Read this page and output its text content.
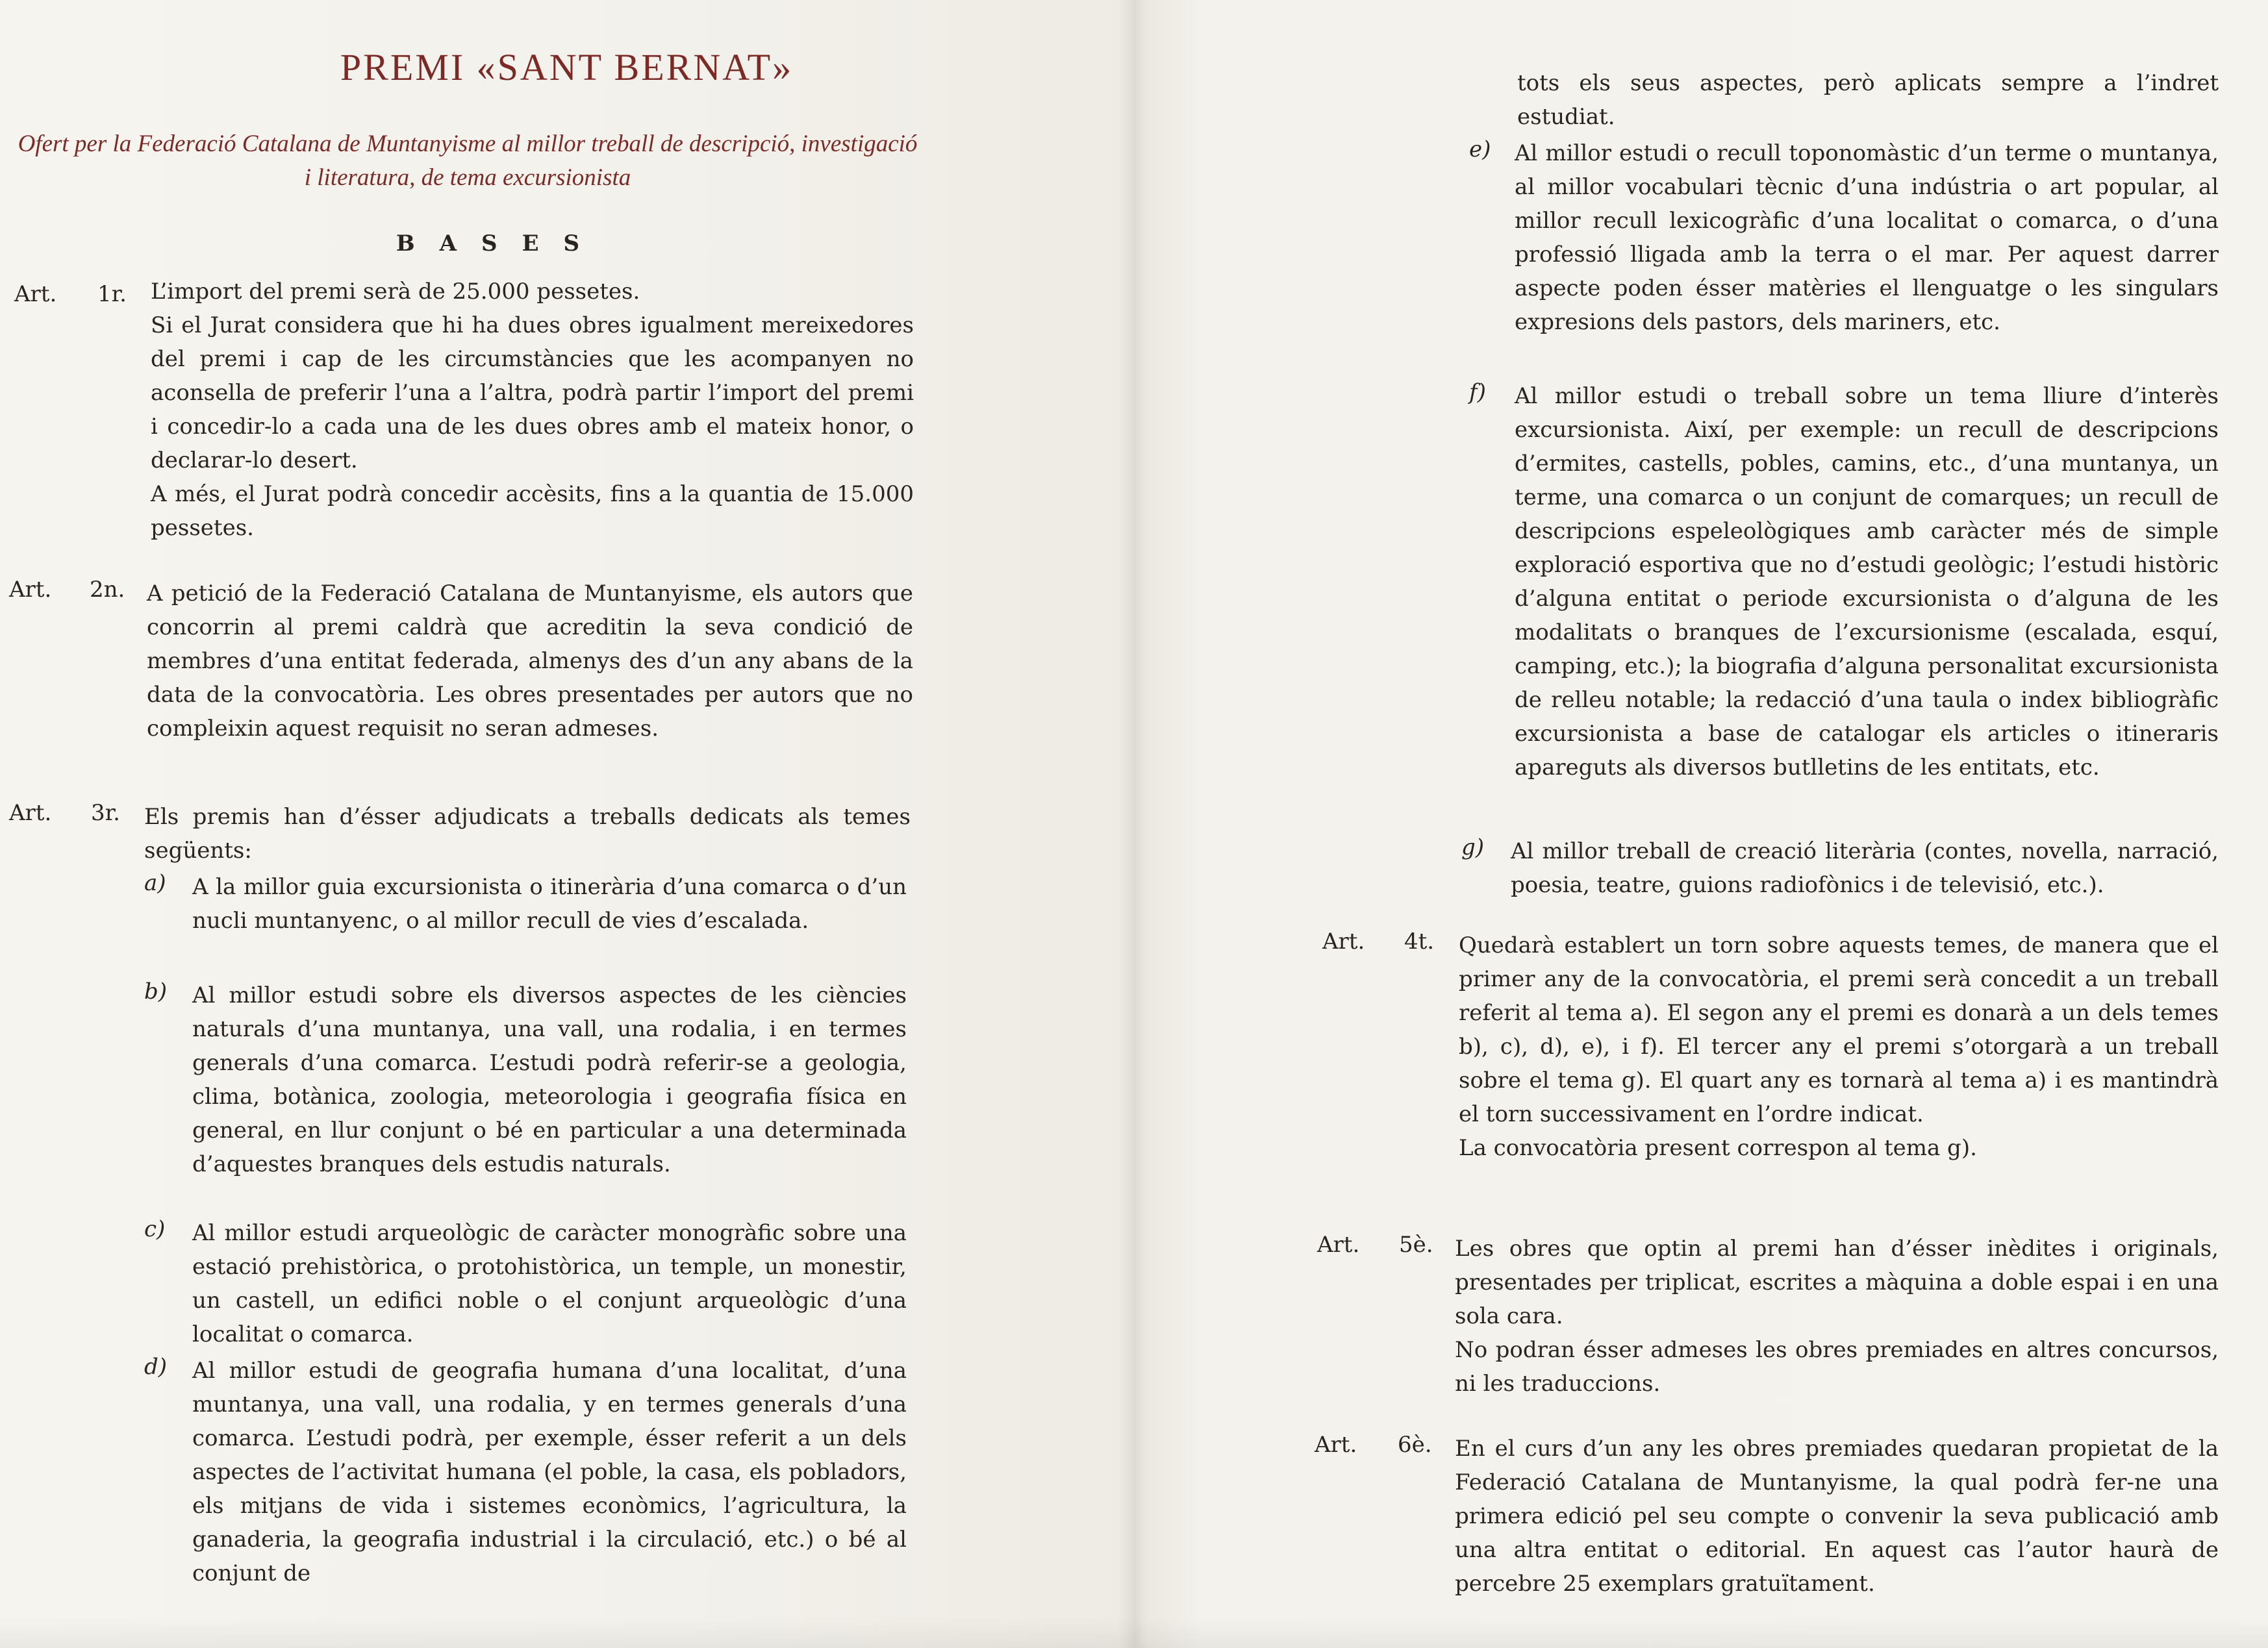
PREMI «SANT BERNAT»
Ofert per la Federació Catalana de Muntanyisme al millor treball de descripció, investigació i literatura, de tema excursionista
BASES
Art. 1r. L’import del premi serà de 25.000 pessetes.

Si el Jurat considera que hi ha dues obres igualment mereixedores del premi i cap de les circumstàncies que les acompanyen no aconsella de preferir l’una a l’altra, podrà partir l’import del premi i concedir-lo a cada una de les dues obres amb el mateix honor, o declarar-lo desert.

A més, el Jurat podrà concedir accèsits, fins a la quantia de 15.000 pessetes.

Art. 2n. A petició de la Federació Catalana de Muntanyisme, els autors que concorrin al premi caldrà que acreditin la seva condició de membres d’una entitat federada, almenys des d’un any abans de la data de la convocatòria. Les obres presentades per autors que no compleixin aquest requisit no seran admeses.

Art. 3r. Els premis han d’ésser adjudicats a treballs dedicats als temes següents:
a) A la millor guia excursionista o itinerària d’una comarca o d’un nucli muntanyenc, o al millor recull de vies d’escalada.
b) Al millor estudi sobre els diversos aspectes de les ciències naturals d’una muntanya, una vall, una rodalia, i en termes generals d’una comarca. L’estudi podrà referir-se a geologia, clima, botànica, zoologia, meteorologia i geografia física en general, en llur conjunt o bé en particular a una determinada d’aquestes branques dels estudis naturals.
c) Al millor estudi arqueològic de caràcter monogràfic sobre una estació prehistòrica, o protohistòrica, un temple, un monestir, un castell, un edifici noble o el conjunt arqueològic d’una localitat o comarca.
d) Al millor estudi de geografia humana d’una localitat, d’una muntanya, una vall, una rodalia, y en termes generals d’una comarca. L’estudi podrà, per exemple, ésser referit a un dels aspectes de l’activitat humana (el poble, la casa, els pobladors, els mitjans de vida i sistemes econòmics, l’agricultura, la ganaderia, la geografia industrial i la circulació, etc.) o bé al conjunt de
tots els seus aspectes, però aplicats sempre a l’indret estudiat.
e) Al millor estudi o recull toponomàstic d’un terme o muntanya, al millor vocabulari tècnic d’una indústria o art popular, al millor recull lexicogràfic d’una localitat o comarca, o d’una professió lligada amb la terra o el mar. Per aquest darrer aspecte poden ésser matèries el llenguatge o les singulars expresions dels pastors, dels mariners, etc.
f) Al millor estudi o treball sobre un tema lliure d’interès excursionista. Així, per exemple: un recull de descripcions d’ermites, castells, pobles, camins, etc., d’una muntanya, un terme, una comarca o un conjunt de comarques; un recull de descripcions espeleològiques amb caràcter més de simple exploració esportiva que no d’estudi geològic; l’estudi històric d’alguna entitat o periode excursionista o d’alguna de les modalitats o branques de l’excursionisme (escalada, esquí, camping, etc.); la biografia d’alguna personalitat excursionista de relleu notable; la redacció d’una taula o index bibliogràfic excursionista a base de catalogar els articles o itineraris apareguts als diversos butlletins de les entitats, etc.
g) Al millor treball de creació literària (contes, novella, narració, poesia, teatre, guions radiofònics i de televisió, etc.).
Art. 4t. Quedarà establert un torn sobre aquests temes, de manera que el primer any de la convocatòria, el premi serà concedit a un treball referit al tema a). El segon any el premi es donarà a un dels temes b), c), d), e), i f). El tercer any el premi s’otorgarà a un treball sobre el tema g). El quart any es tornarà al tema a) i es mantindrà el torn successivament en l’ordre indicat.

La convocatòria present correspon al tema g).

Art. 5è. Les obres que optin al premi han d’ésser inèdites i originals, presentades per triplicat, escrites a màquina a doble espai i en una sola cara.

No podran ésser admeses les obres premiades en altres concursos, ni les traduccions.

Art. 6è. En el curs d’un any les obres premiades quedaran propietat de la Federació Catalana de Muntanyisme, la qual podrà fer-ne una primera edició pel seu compte o convenir la seva publicació amb una altra entitat o editorial. En aquest cas l’autor haurà de percebre 25 exemplars gratuïtament.
